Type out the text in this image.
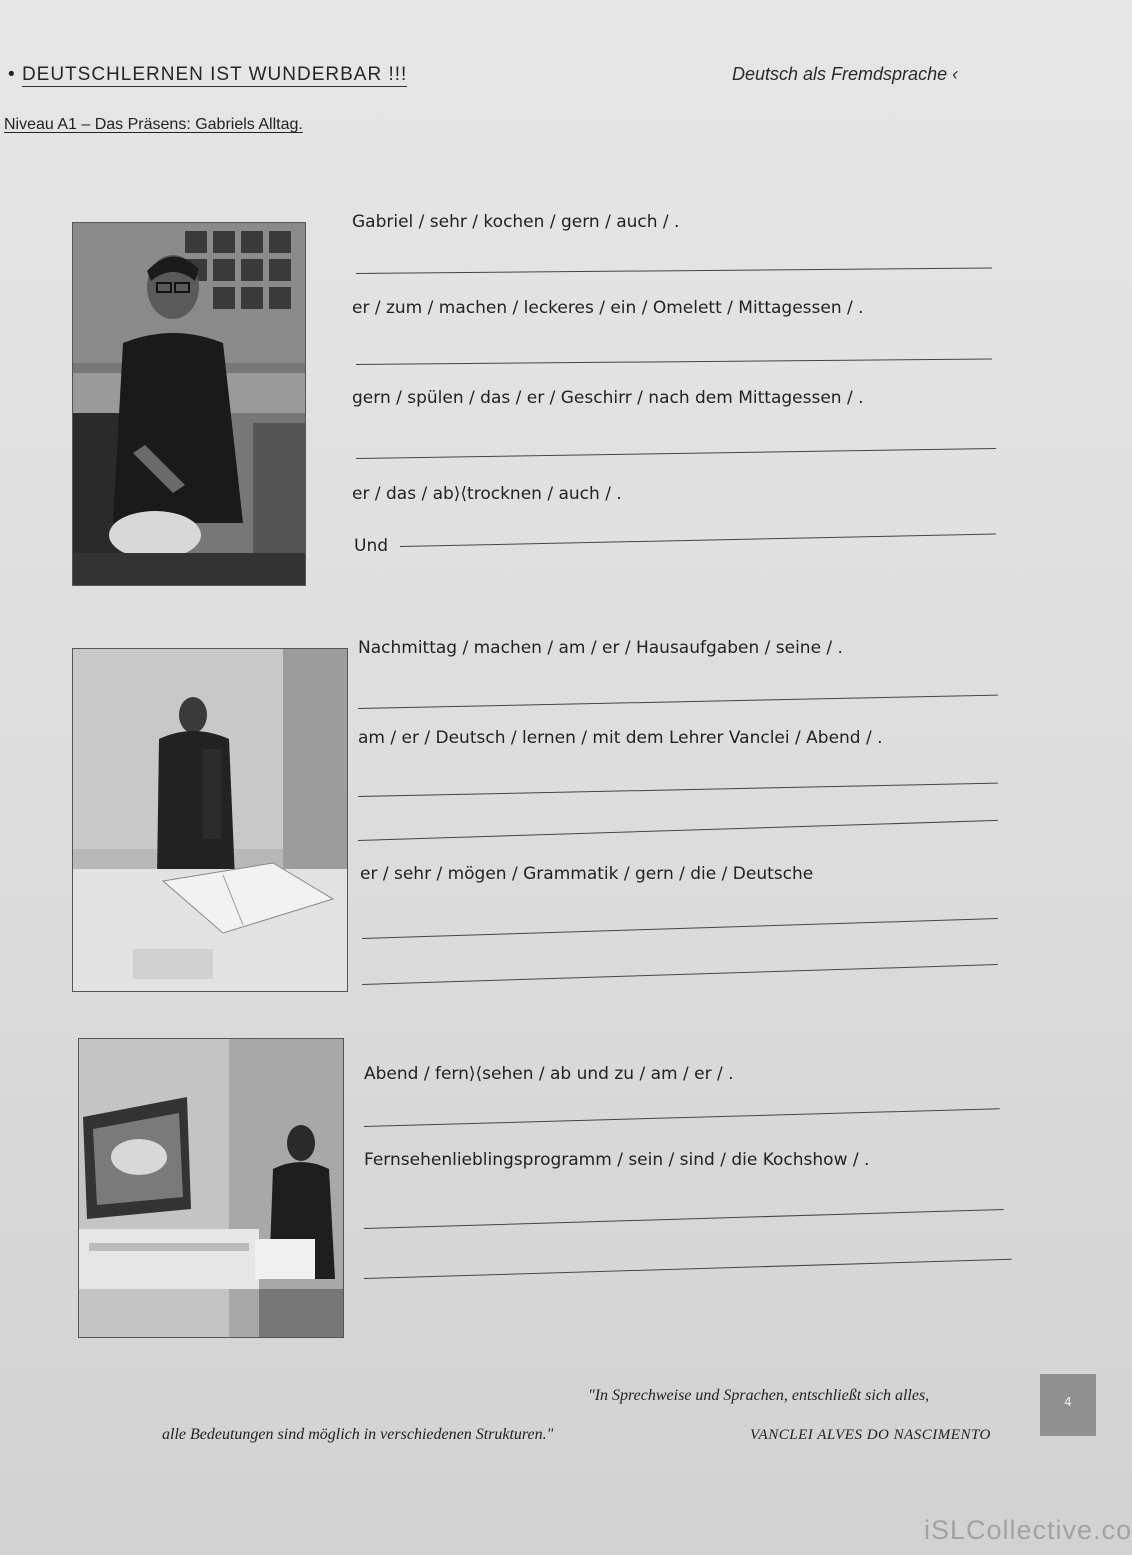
• DEUTSCHLERNEN IST WUNDERBAR !!!	Deutsch als Fremdsprache ‹
Niveau A1 – Das Präsens: Gabriels Alltag.
Gabriel / sehr / kochen / gern / auch / .
er / zum / machen / leckeres / ein / Omelett / Mittagessen / .
gern / spülen / das / er / Geschirr / nach dem Mittagessen / .
er / das / ab⟩⟨trocknen / auch / .
Und
Nachmittag / machen / am / er / Hausaufgaben / seine / .
am / er / Deutsch / lernen / mit dem Lehrer Vanclei / Abend / .
er / sehr / mögen / Grammatik / gern / die / Deutsche
Abend / fern⟩⟨sehen / ab und zu / am / er / .
Fernsehenlieblingsprogramm / sein / sind / die Kochshow / .
"In Sprechweise und Sprachen, entschließt sich alles,
alle Bedeutungen sind möglich in verschiedenen Strukturen."	VANCLEI ALVES DO NASCIMENTO
4
iSLCollective.co
